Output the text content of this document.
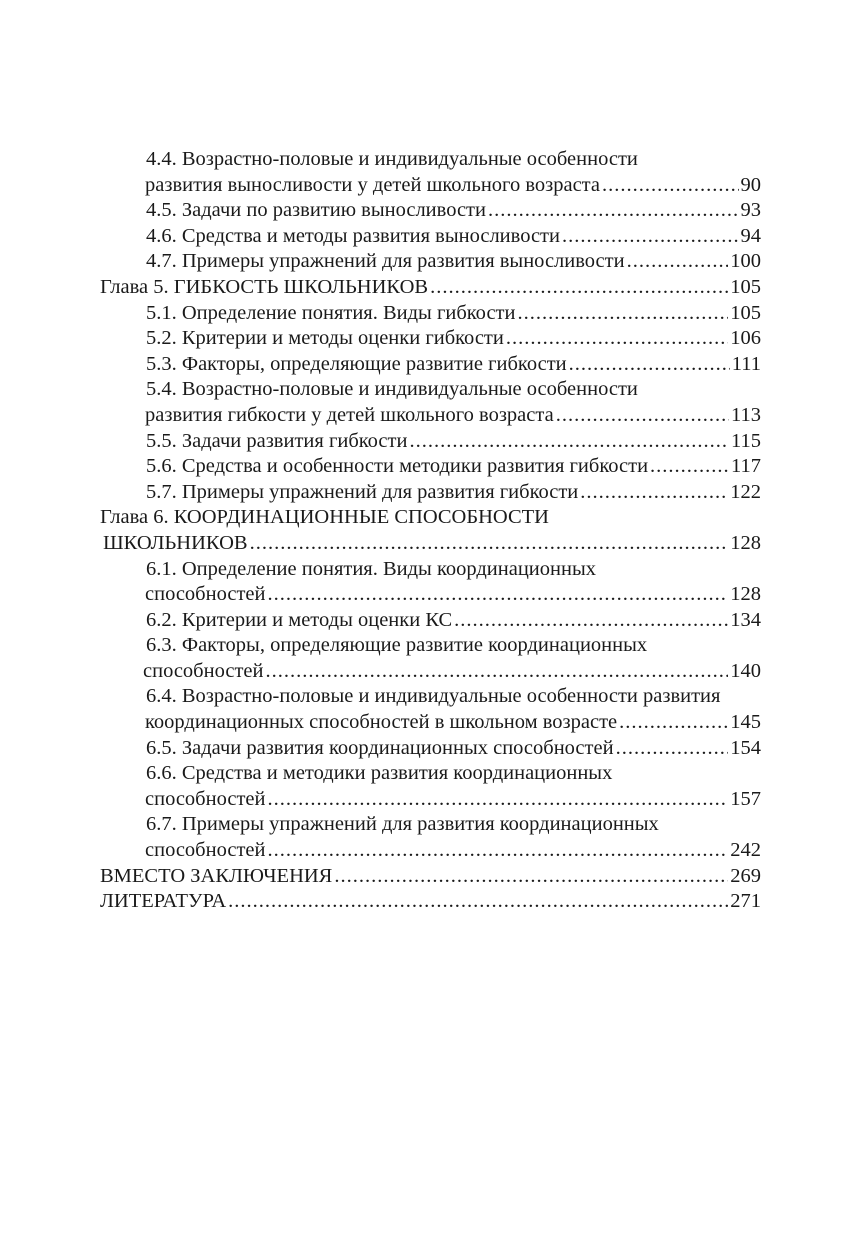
4.4. Возрастно-половые и индивидуальные особенности
развития выносливости у детей школьного возраста .....	90
4.5. Задачи по развитию выносливости .....	93
4.6. Средства и методы развития выносливости .....	94
4.7. Примеры упражнений для развития выносливости .....	100
Глава 5. ГИБКОСТЬ ШКОЛЬНИКОВ .....	105
5.1. Определение понятия. Виды гибкости .....	105
5.2. Критерии и методы оценки гибкости .....	106
5.3. Факторы, определяющие развитие гибкости .....	111
5.4. Возрастно-половые и индивидуальные особенности
развития гибкости у детей школьного возраста .....	113
5.5. Задачи развития гибкости .....	115
5.6. Средства и особенности методики развития гибкости .....	117
5.7. Примеры упражнений для развития гибкости .....	122
Глава 6. КООРДИНАЦИОННЫЕ СПОСОБНОСТИ
ШКОЛЬНИКОВ .....	128
6.1. Определение понятия. Виды координационных
способностей .....	128
6.2. Критерии и методы оценки КС .....	134
6.3. Факторы, определяющие развитие координационных
способностей .....	140
6.4. Возрастно-половые и индивидуальные особенности развития
координационных способностей в школьном возрасте .....	145
6.5. Задачи развития координационных способностей .....	154
6.6. Средства и методики развития координационных
способностей .....	157
6.7. Примеры упражнений для развития координационных
способностей .....	242
ВМЕСТО ЗАКЛЮЧЕНИЯ .....	269
ЛИТЕРАТУРА .....	271
